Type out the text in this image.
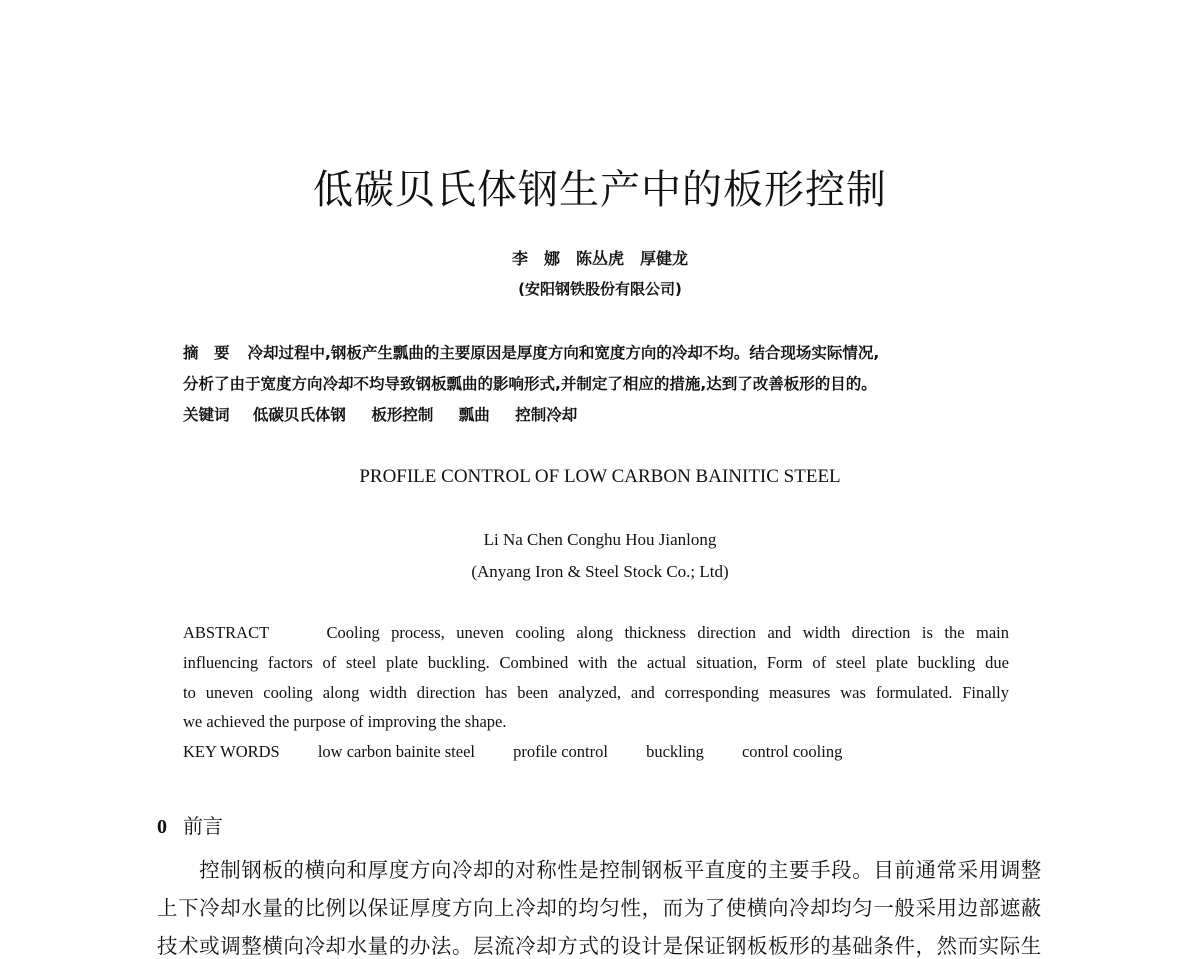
低碳贝氏体钢生产中的板形控制
李　娜　陈丛虎　厚健龙
(安阳钢铁股份有限公司)
摘　要 冷却过程中,钢板产生瓢曲的主要原因是厚度方向和宽度方向的冷却不均。结合现场实际情况,
分析了由于宽度方向冷却不均导致钢板瓢曲的影响形式,并制定了相应的措施,达到了改善板形的目的。
关键词 低碳贝氏体钢 板形控制 瓢曲 控制冷却
PROFILE CONTROL OF LOW CARBON BAINITIC STEEL
Li Na Chen Conghu Hou Jianlong
(Anyang Iron & Steel Stock Co.; Ltd)
ABSTRACT	Cooling process, uneven cooling along thickness direction and width direction is the main
influencing factors of steel plate buckling. Combined with the actual situation, Form of steel plate buckling due
to uneven cooling along width direction has been analyzed, and corresponding measures was formulated. Finally
we achieved the purpose of improving the shape.
KEY WORDS low carbon bainite steel profile control buckling control cooling
0 前言
　　控制钢板的横向和厚度方向冷却的对称性是控制钢板平直度的主要手段。目前通常采用调整
上下冷却水量的比例以保证厚度方向上冷却的均匀性，而为了使横向冷却均匀一般采用边部遮蔽
技术或调整横向冷却水量的办法。层流冷却方式的设计是保证钢板板形的基础条件，然而实际生
